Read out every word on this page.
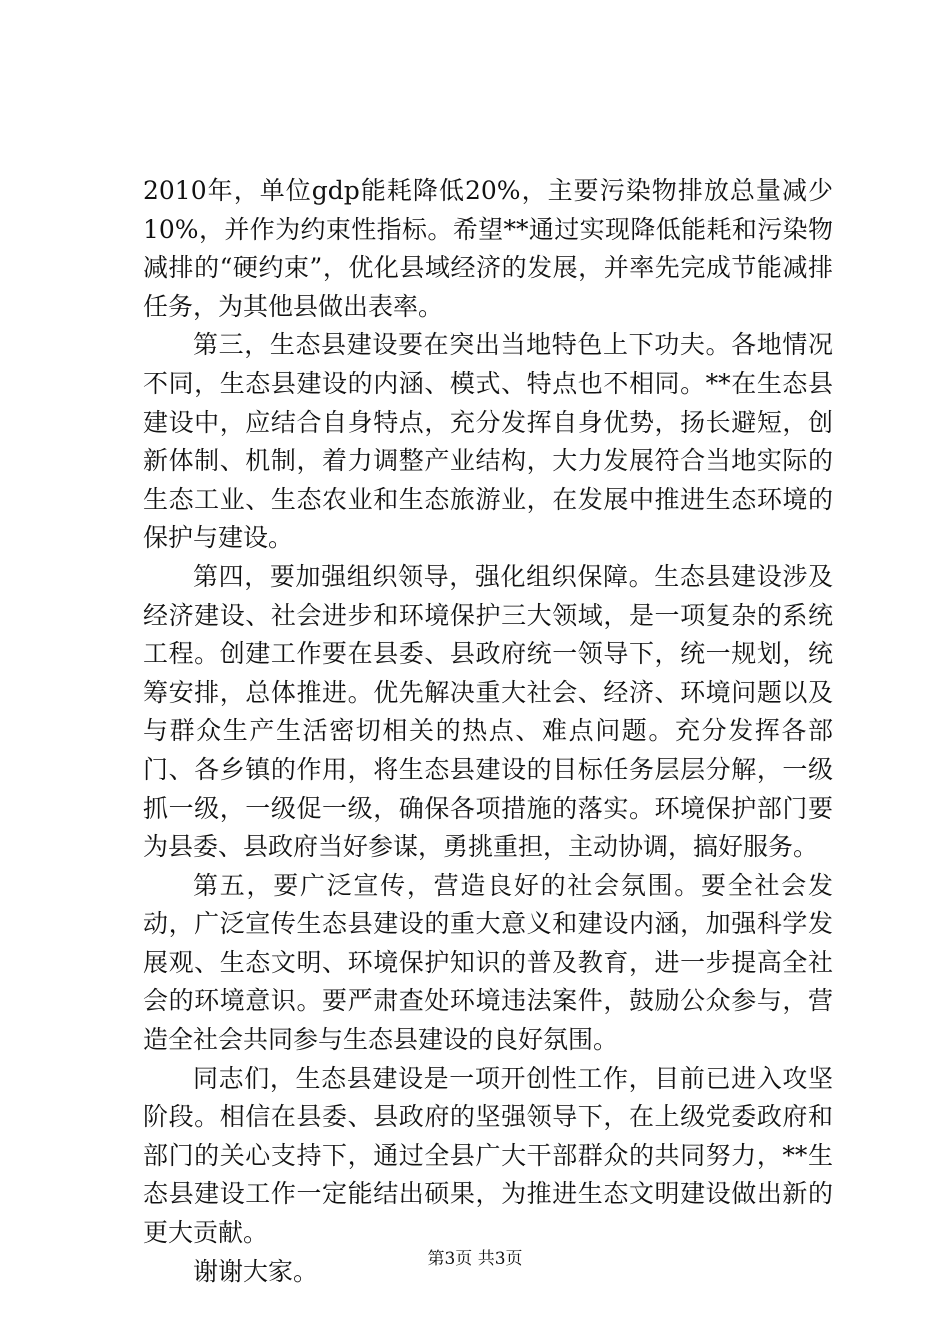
2010年，单位gdp能耗降低20%，主要污染物排放总量减少10%，并作为约束性指标。希望**通过实现降低能耗和污染物减排的“硬约束”，优化县域经济的发展，并率先完成节能减排任务，为其他县做出表率。

第三，生态县建设要在突出当地特色上下功夫。各地情况不同，生态县建设的内涵、模式、特点也不相同。**在生态县建设中，应结合自身特点，充分发挥自身优势，扬长避短，创新体制、机制，着力调整产业结构，大力发展符合当地实际的生态工业、生态农业和生态旅游业，在发展中推进生态环境的保护与建设。

第四，要加强组织领导，强化组织保障。生态县建设涉及经济建设、社会进步和环境保护三大领域，是一项复杂的系统工程。创建工作要在县委、县政府统一领导下，统一规划，统筹安排，总体推进。优先解决重大社会、经济、环境问题以及与群众生产生活密切相关的热点、难点问题。充分发挥各部门、各乡镇的作用，将生态县建设的目标任务层层分解，一级抓一级，一级促一级，确保各项措施的落实。环境保护部门要为县委、县政府当好参谋，勇挑重担，主动协调，搞好服务。

第五，要广泛宣传，营造良好的社会氛围。要全社会发动，广泛宣传生态县建设的重大意义和建设内涵，加强科学发展观、生态文明、环境保护知识的普及教育，进一步提高全社会的环境意识。要严肃查处环境违法案件，鼓励公众参与，营造全社会共同参与生态县建设的良好氛围。

同志们，生态县建设是一项开创性工作，目前已进入攻坚阶段。相信在县委、县政府的坚强领导下，在上级党委政府和部门的关心支持下，通过全县广大干部群众的共同努力，**生态县建设工作一定能结出硕果，为推进生态文明建设做出新的更大贡献。

谢谢大家。	第3页 共3页
